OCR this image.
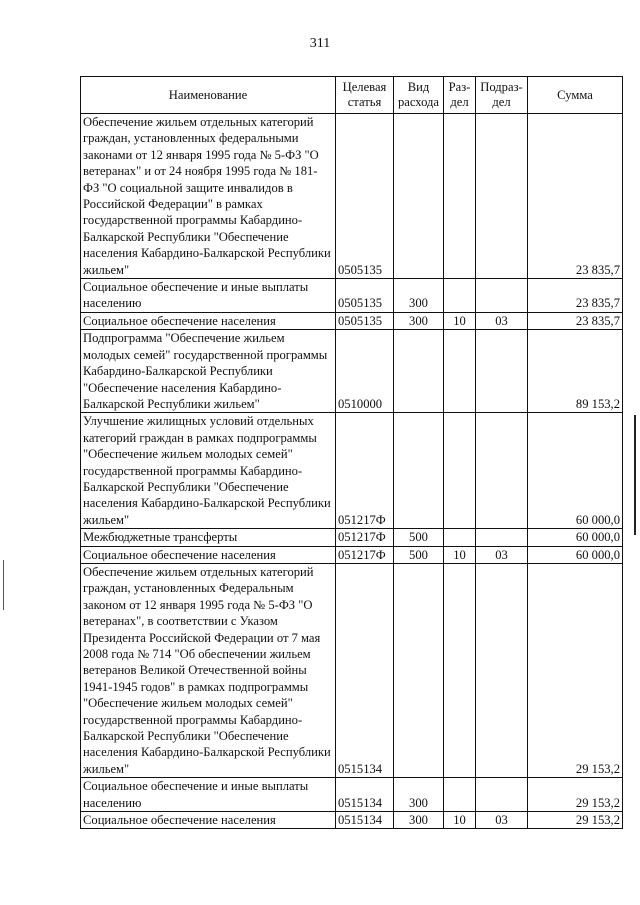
311
Наименование	Целевая статья	Вид расхода	Раз- дел	Подраз- дел	Сумма
Обеспечение жильем отдельных категорий граждан, установленных федеральными законами от 12 января 1995 года № 5-ФЗ "О ветеранах" и от 24 ноября 1995 года № 181-ФЗ "О социальной защите инвалидов в Российской Федерации" в рамках государственной программы Кабардино-Балкарской Республики "Обеспечение населения Кабардино-Балкарской Республики жильем"	0505135				23 835,7
Социальное обеспечение и иные выплаты населению	0505135	300			23 835,7
Социальное обеспечение населения	0505135	300	10	03	23 835,7
Подпрограмма "Обеспечение жильем молодых семей" государственной программы Кабардино-Балкарской Республики "Обеспечение населения Кабардино-Балкарской Республики жильем"	0510000				89 153,2
Улучшение жилищных условий отдельных категорий граждан в рамках подпрограммы "Обеспечение жильем молодых семей" государственной программы Кабардино-Балкарской Республики "Обеспечение населения Кабардино-Балкарской Республики жильем"	051217Ф				60 000,0
Межбюджетные трансферты	051217Ф	500			60 000,0
Социальное обеспечение населения	051217Ф	500	10	03	60 000,0
Обеспечение жильем отдельных категорий граждан, установленных Федеральным законом от 12 января 1995 года № 5-ФЗ "О ветеранах", в соответствии с Указом Президента Российской Федерации от 7 мая 2008 года № 714 "Об обеспечении жильем ветеранов Великой Отечественной войны 1941-1945 годов" в рамках подпрограммы "Обеспечение жильем молодых семей" государственной программы Кабардино-Балкарской Республики "Обеспечение населения Кабардино-Балкарской Республики жильем"	0515134				29 153,2
Социальное обеспечение и иные выплаты населению	0515134	300			29 153,2
Социальное обеспечение населения	0515134	300	10	03	29 153,2
